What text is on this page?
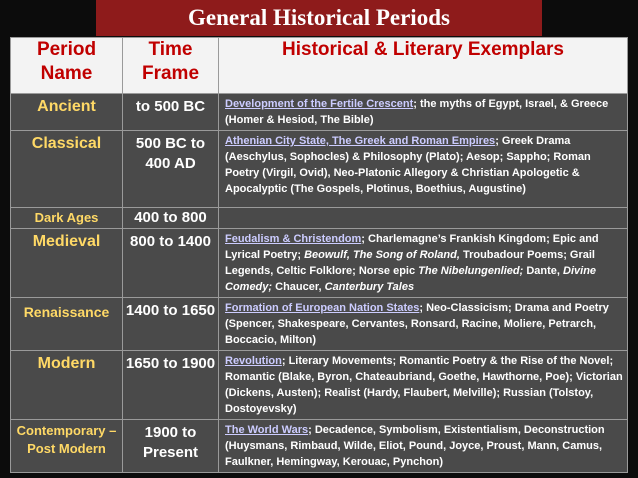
General Historical Periods
Period Name	Time Frame	Historical & Literary Exemplars
Ancient	to 500 BC	Development of the Fertile Crescent; the myths of Egypt, Israel, & Greece (Homer & Hesiod, The Bible)
Classical	500 BC to 400 AD	Athenian City State, The Greek and Roman Empires; Greek Drama (Aeschylus, Sophocles) & Philosophy (Plato); Aesop; Sappho; Roman Poetry (Virgil, Ovid), Neo-Platonic Allegory & Christian Apologetic & Apocalyptic (The Gospels, Plotinus, Boethius, Augustine)
Dark Ages	400 to 800	
Medieval	800 to 1400	Feudalism & Christendom; Charlemagne’s Frankish Kingdom; Epic and Lyrical Poetry; Beowulf, The Song of Roland, Troubadour Poems; Grail Legends, Celtic Folklore; Norse epic The Nibelungenlied; Dante, Divine Comedy; Chaucer, Canterbury Tales
Renaissance	1400 to 1650	Formation of European Nation States; Neo-Classicism; Drama and Poetry (Spencer, Shakespeare, Cervantes, Ronsard, Racine, Moliere, Petrarch, Boccacio, Milton)
Modern	1650 to 1900	Revolution; Literary Movements; Romantic Poetry & the Rise of the Novel; Romantic (Blake, Byron, Chateaubriand, Goethe, Hawthorne, Poe); Victorian (Dickens, Austen); Realist (Hardy, Flaubert, Melville); Russian (Tolstoy, Dostoyevsky)
Contemporary – Post Modern	1900 to Present	The World Wars; Decadence, Symbolism, Existentialism, Deconstruction (Huysmans, Rimbaud, Wilde, Eliot, Pound, Joyce, Proust, Mann, Camus, Faulkner, Hemingway, Kerouac, Pynchon)
